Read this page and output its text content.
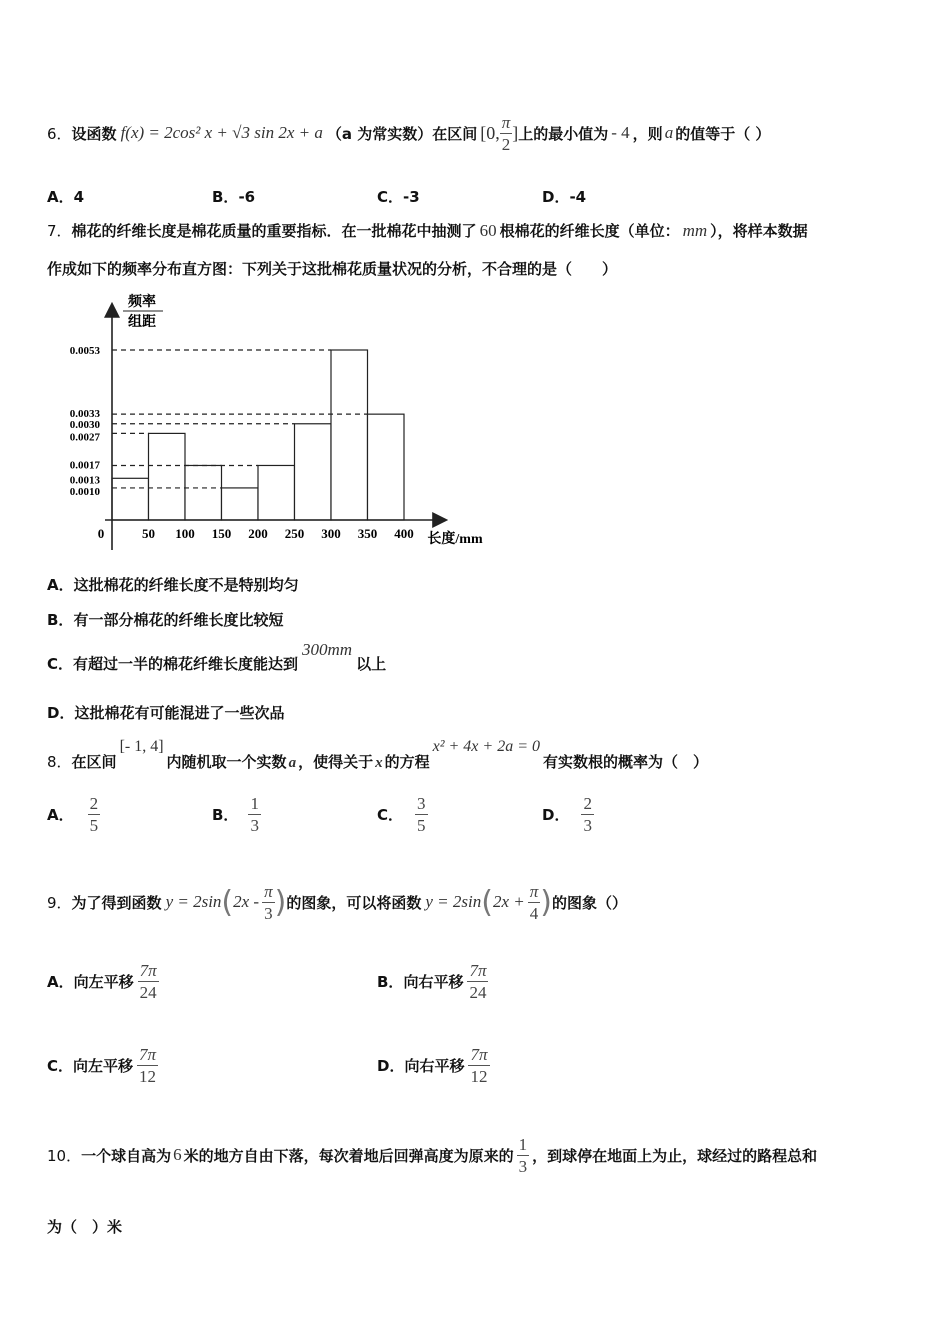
6． 设函数 f(x) = 2cos² x + √3 sin 2x + a （a 为常实数）在区间 [0, $\frac{\pi}{2}$ ] 上的最小值为 - 4 ，则 a 的值等于（ ）
A．4	B．-6	C．-3	D．-4
7．棉花的纤维长度是棉花质量的重要指标．在一批棉花中抽测了 60 根棉花的纤维长度（单位： mm ），将样本数据
作成如下的频率分布直方图：下列关于这批棉花质量状况的分析，不合理的是（　　）
0.0053
0.0033
0.0030
0.0027
0.0017
0.0013
0.0010
50 100 150 200 250 300 350 400
频率
组距
0	长度/mm
A．这批棉花的纤维长度不是特别均匀
B．有一部分棉花的纤维长度比较短
C． 有超过一半的棉花纤维长度能达到
300mm
以上
D．这批棉花有可能混进了一些次品
8． 在区间
[- 1, 4]
内随机取一个实数 a ，使得关于 x 的方程
x² + 4x + 2a = 0
有实数根的概率为（　）
A． $\frac{2}{5}$	B． $\frac{1}{3}$	C． $\frac{3}{5}$	D． $\frac{2}{3}$
9． 为了得到函数 y = 2sin ( $2x - \frac{\pi}{3}$ ) 的图象，可以将函数 y = 2sin ( $2x + \frac{\pi}{4}$ ) 的图象（）
A． 向左平移 $\frac{7\pi}{24}$	B． 向右平移 $\frac{7\pi}{24}$
C． 向左平移 $\frac{7\pi}{12}$	D． 向右平移 $\frac{7\pi}{12}$
10． 一个球自高为 6 米的地方自由下落，每次着地后回弹高度为原来的 $\frac{1}{3}$ ，到球停在地面上为止，球经过的路程总和
为（　）米
